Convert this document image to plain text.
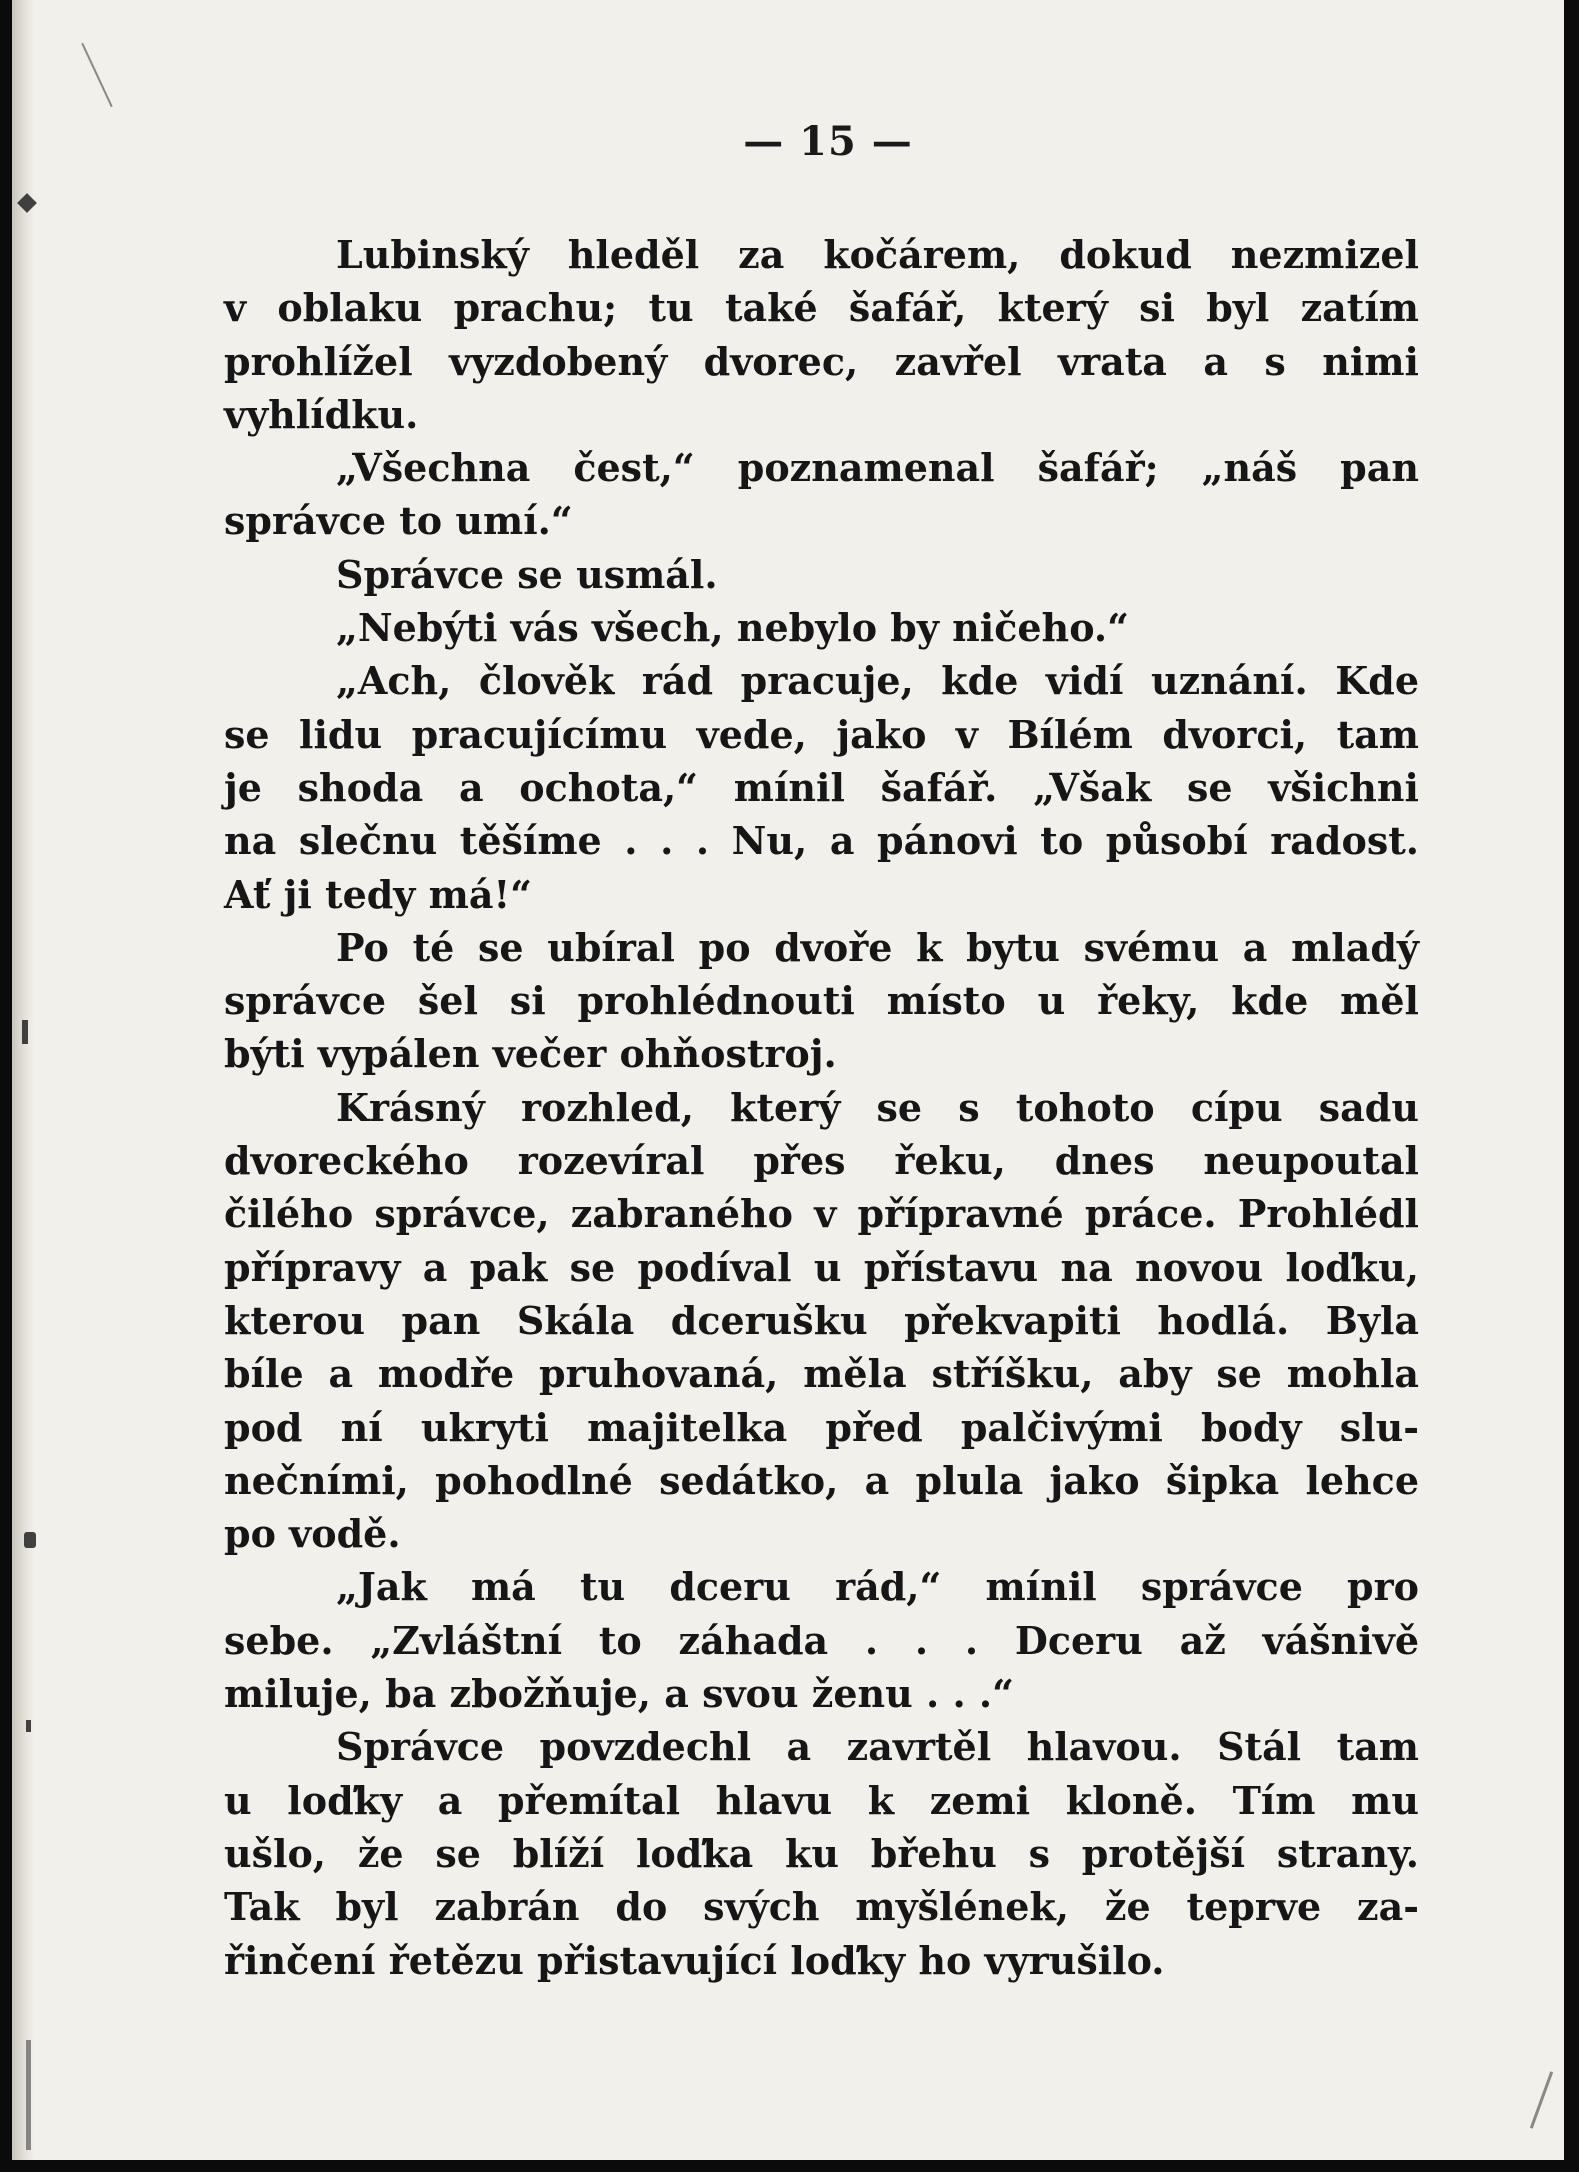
— 15 —
Lubinský hleděl za kočárem, dokud nezmizel
v oblaku prachu; tu také šafář, který si byl zatím
prohlížel vyzdobený dvorec, zavřel vrata a s nimi
vyhlídku.
„Všechna čest,“ poznamenal šafář; „náš pan
správce to umí.“
Správce se usmál.
„Nebýti vás všech, nebylo by ničeho.“
„Ach, člověk rád pracuje, kde vidí uznání. Kde
se lidu pracujícímu vede, jako v Bílém dvorci, tam
je shoda a ochota,“ mínil šafář. „Však se všichni
na slečnu těšíme . . . Nu, a pánovi to působí radost.
Ať ji tedy má!“
Po té se ubíral po dvoře k bytu svému a mladý
správce šel si prohlédnouti místo u řeky, kde měl
býti vypálen večer ohňostroj.
Krásný rozhled, který se s tohoto cípu sadu
dvoreckého rozevíral přes řeku, dnes neupoutal
čilého správce, zabraného v přípravné práce. Prohlédl
přípravy a pak se podíval u přístavu na novou loďku,
kterou pan Skála dcerušku překvapiti hodlá. Byla
bíle a modře pruhovaná, měla stříšku, aby se mohla
pod ní ukryti majitelka před palčivými body slu-
nečními, pohodlné sedátko, a plula jako šipka lehce
po vodě.
„Jak má tu dceru rád,“ mínil správce pro
sebe. „Zvláštní to záhada . . . Dceru až vášnivě
miluje, ba zbožňuje, a svou ženu . . .“
Správce povzdechl a zavrtěl hlavou. Stál tam
u loďky a přemítal hlavu k zemi kloně. Tím mu
ušlo, že se blíží loďka ku břehu s protější strany.
Tak byl zabrán do svých myšlének, že teprve za-
řinčení řetězu přistavující loďky ho vyrušilo.
